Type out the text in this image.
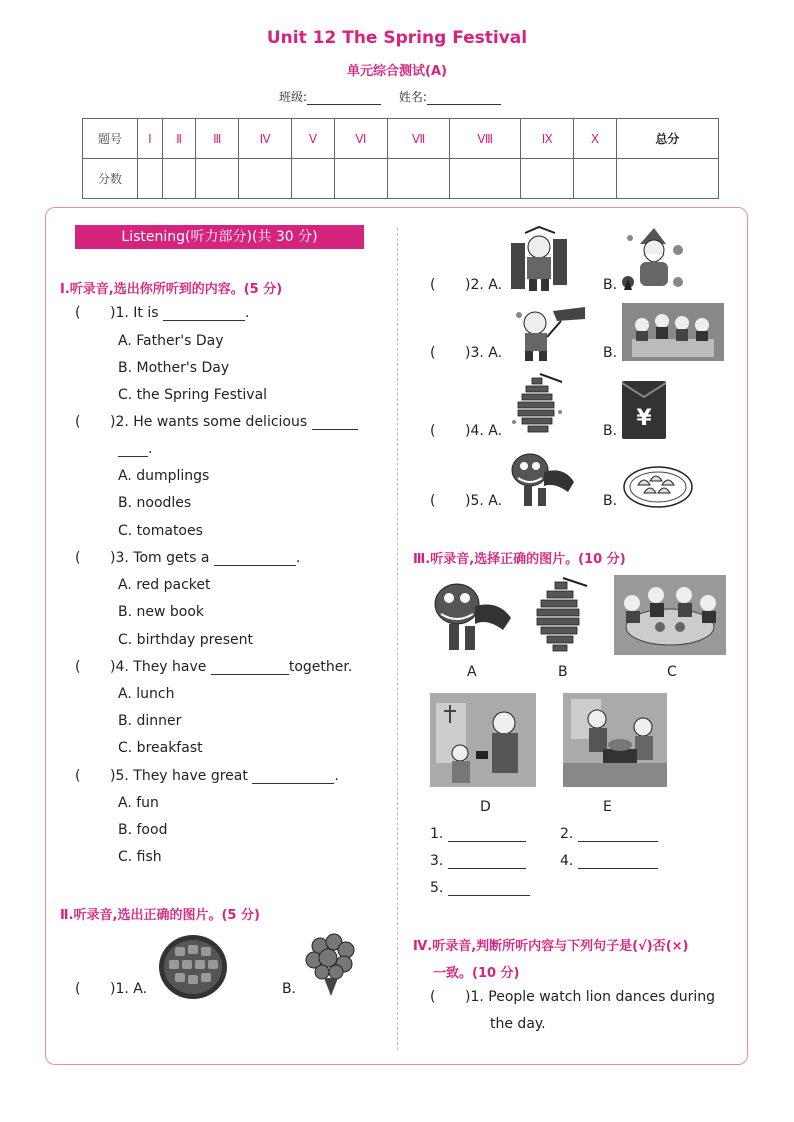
Unit 12 The Spring Festival
单元综合测试(A)
班级:	姓名:
题号	Ⅰ	Ⅱ	Ⅲ	Ⅳ	Ⅴ	Ⅵ	Ⅶ	Ⅷ	Ⅸ	Ⅹ	总分
分数											
Listening(听力部分)(共 30 分)
Ⅰ.听录音,选出你所听到的内容。(5 分)
( )1. It is	.
A. Father's Day
B. Mother's Day
C. the Spring Festival
( )2. He wants some delicious
.
A. dumplings
B. noodles
C. tomatoes
( )3. Tom gets a	.
A. red packet
B. new book
C. birthday present
( )4. They have	together.
A. lunch
B. dinner
C. breakfast
( )5. They have great	.
A. fun
B. food
C. fish
Ⅱ.听录音,选出正确的图片。(5 分)
( )1. A.	B.
( )2. A.	B.
( )3. A.	B.
( )4. A.	B. ¥
( )5. A.	B.
Ⅲ.听录音,选择正确的图片。(10 分)
A	B	C
D	E
1.	2.
3.	4.
5.
Ⅳ.听录音,判断所听内容与下列句子是(√)否(×)
一致。(10 分)
( )1. People watch lion dances during
the day.
